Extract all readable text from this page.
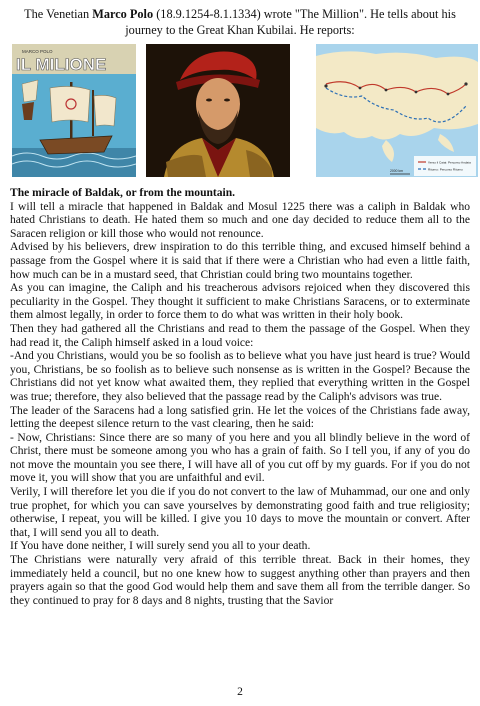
The Venetian Marco Polo (18.9.1254-8.1.1334) wrote "The Million". He tells about his journey to the Great Khan Kubilai. He reports:

MARCO POLO
IL MILIONE
Verso il Catai: Percorso Andata
Ritorno: Percorso Ritorno
2000 km

The miracle of Baldak, or from the mountain.

I will tell a miracle that happened in Baldak and Mosul 1225 there was a caliph in Baldak who hated Christians to death. He hated them so much and one day decided to reduce them all to the Saracen religion or kill those who would not renounce.

Advised by his believers, drew inspiration to do this terrible thing, and excused himself behind a passage from the Gospel where it is said that if there were a Christian who had even a little faith, how much can be in a mustard seed, that Christian could bring two mountains together.

As you can imagine, the Caliph and his treacherous advisors rejoiced when they discovered this peculiarity in the Gospel. They thought it sufficient to make Christians Saracens, or to exterminate them almost legally, in order to force them to do what was written in their holy book.

Then they had gathered all the Christians and read to them the passage of the Gospel. When they had read it, the Caliph himself asked in a loud voice:

-And you Christians, would you be so foolish as to believe what you have just heard is true? Would you, Christians, be so foolish as to believe such nonsense as is written in the Gospel? Because the Christians did not yet know what awaited them, they replied that everything written in the Gospel was true; therefore, they also believed that the passage read by the Caliph's advisors was true.

The leader of the Saracens had a long satisfied grin. He let the voices of the Christians fade away, letting the deepest silence return to the vast clearing, then he said:

- Now, Christians: Since there are so many of you here and you all blindly believe in the word of Christ, there must be someone among you who has a grain of faith. So I tell you, if any of you do not move the mountain you see there, I will have all of you cut off by my guards. For if you do not move it, you will show that you are unfaithful and evil.

Verily, I will therefore let you die if you do not convert to the law of Muhammad, our one and only true prophet, for which you can save yourselves by demonstrating good faith and true religiosity; otherwise, I repeat, you will be killed. I give you 10 days to move the mountain or convert. After that, I will send you all to death.

If You have done neither, I will surely send you all to your death.

The Christians were naturally very afraid of this terrible threat. Back in their homes, they immediately held a council, but no one knew how to suggest anything other than prayers and then prayers again so that the good God would help them and save them all from the terrible danger. So they continued to pray for 8 days and 8 nights, trusting that the Savior

2
